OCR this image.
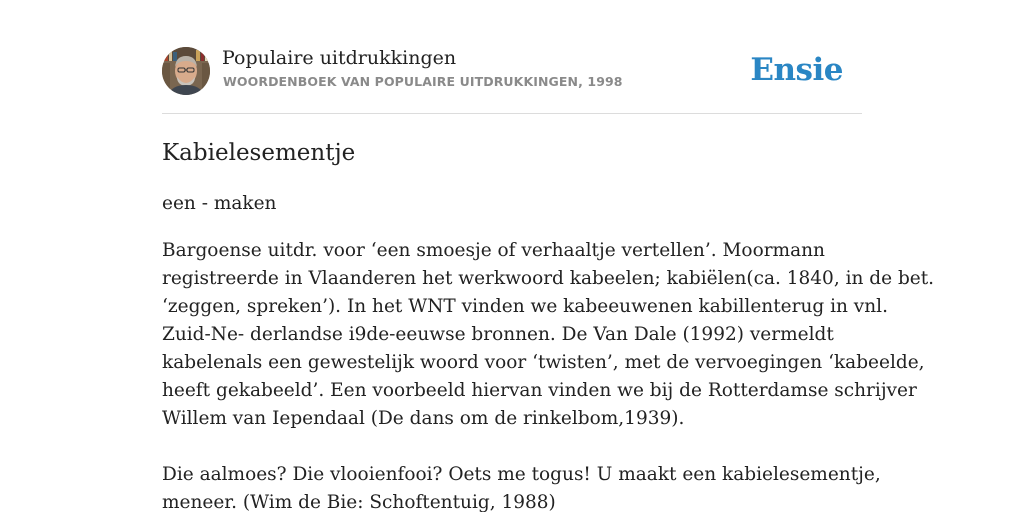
Populaire uitdrukkingen
WOORDENBOEK VAN POPULAIRE UITDRUKKINGEN, 1998	Ensie
Kabielesementje
een - maken

Bargoense uitdr. voor ‘een smoesje of verhaaltje vertellen’. Moormann

registreerde in Vlaanderen het werkwoord kabeelen; kabiëlen(ca. 1840, in de bet.

‘zeggen, spreken’). In het WNT vinden we kabeeuwenen kabillenterug in vnl.

Zuid-Ne- derlandse i9de-eeuwse bronnen. De Van Dale (1992) vermeldt

kabelenals een gewestelijk woord voor ‘twisten’, met de vervoegingen ‘kabeelde,

heeft gekabeeld’. Een voorbeeld hiervan vinden we bij de Rotterdamse schrijver

Willem van Iependaal (De dans om de rinkelbom,1939).

Die aalmoes? Die vlooienfooi? Oets me togus! U maakt een kabielesementje,

meneer. (Wim de Bie: Schoftentuig, 1988)
